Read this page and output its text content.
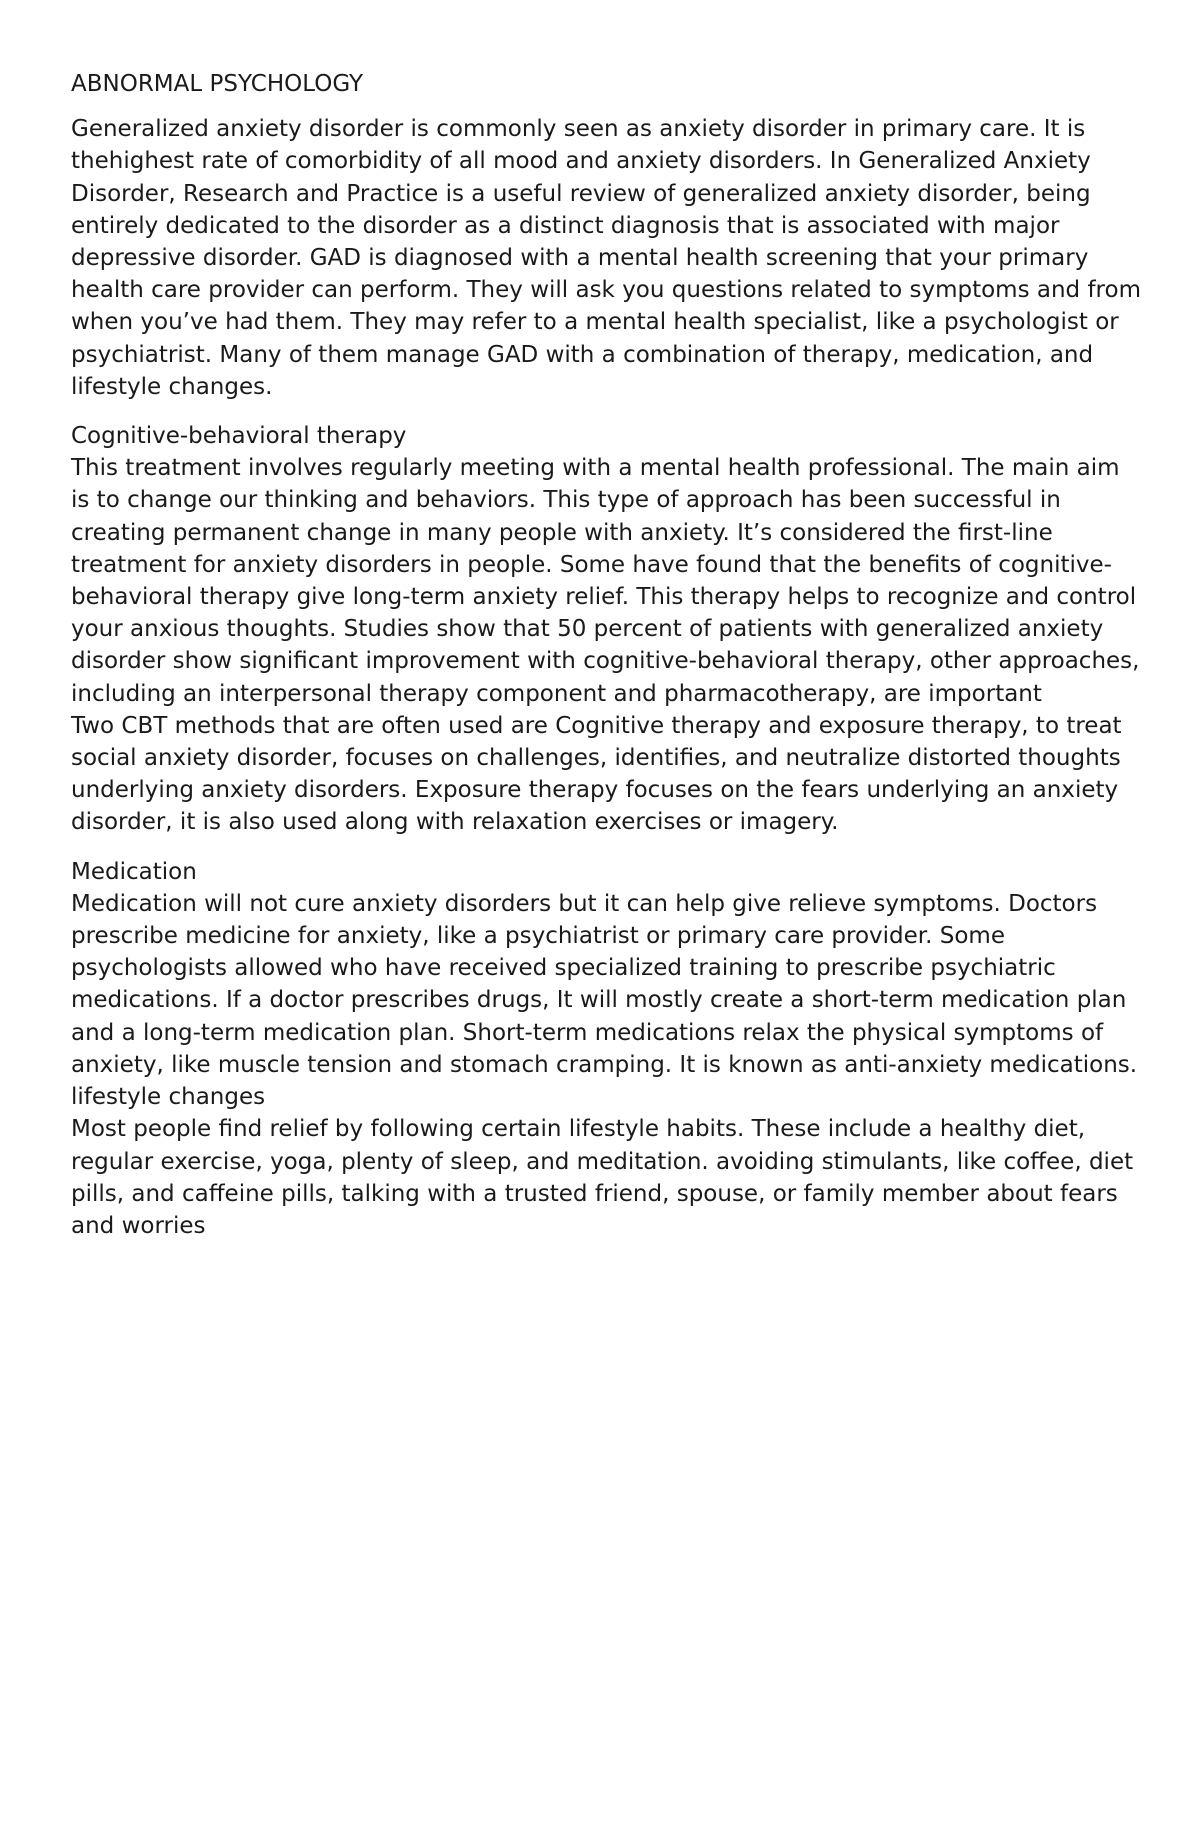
ABNORMAL PSYCHOLOGY

Generalized anxiety disorder is commonly seen as anxiety disorder in primary care. It is thehighest rate of comorbidity of all mood and anxiety disorders. In Generalized Anxiety Disorder, Research and Practice is a useful review of generalized anxiety disorder, being entirely dedicated to the disorder as a distinct diagnosis that is associated with major depressive disorder. GAD is diagnosed with a mental health screening that your primary health care provider can perform. They will ask you questions related to symptoms and from when you’ve had them. They may refer to a mental health specialist, like a psychologist or psychiatrist. Many of them manage GAD with a combination of therapy, medication, and lifestyle changes.

Cognitive-behavioral therapy

This treatment involves regularly meeting with a mental health professional. The main aim is to change our thinking and behaviors. This type of approach has been successful in creating permanent change in many people with anxiety. It’s considered the first-line treatment for anxiety disorders in people. Some have found that the benefits of cognitive-behavioral therapy give long-term anxiety relief. This therapy helps to recognize and control your anxious thoughts. Studies show that 50 percent of patients with generalized anxiety disorder show significant improvement with cognitive-behavioral therapy, other approaches, including an interpersonal therapy component and pharmacotherapy, are important

Two CBT methods that are often used are Cognitive therapy and exposure therapy, to treat social anxiety disorder, focuses on challenges, identifies, and neutralize distorted thoughts underlying anxiety disorders. Exposure therapy focuses on the fears underlying an anxiety disorder, it is also used along with relaxation exercises or imagery.

Medication

Medication will not cure anxiety disorders but it can help give relieve symptoms. Doctors prescribe medicine for anxiety, like a psychiatrist or primary care provider. Some psychologists allowed who have received specialized training to prescribe psychiatric medications. If a doctor prescribes drugs, It will mostly create a short-term medication plan and a long-term medication plan. Short-term medications relax the physical symptoms of anxiety, like muscle tension and stomach cramping. It is known as anti-anxiety medications.

lifestyle changes

Most people find relief by following certain lifestyle habits. These include a healthy diet, regular exercise, yoga, plenty of sleep, and meditation. avoiding stimulants, like coffee, diet pills, and caffeine pills, talking with a trusted friend, spouse, or family member about fears and worries
